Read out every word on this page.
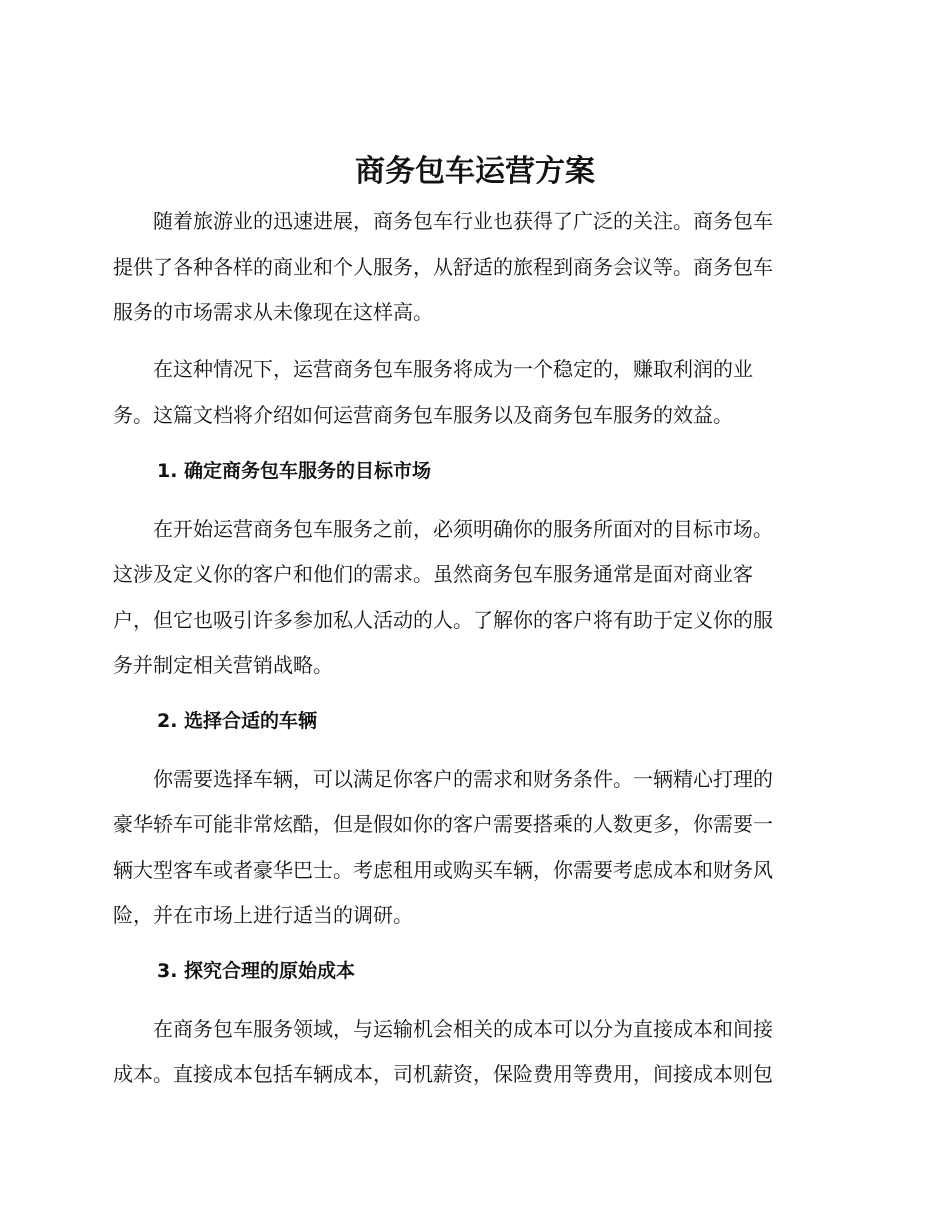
商务包车运营方案

　　随着旅游业的迅速进展，商务包车行业也获得了广泛的关注。商务包车

提供了各种各样的商业和个人服务，从舒适的旅程到商务会议等。商务包车

服务的市场需求从未像现在这样高。

　　在这种情况下，运营商务包车服务将成为一个稳定的，赚取利润的业

务。这篇文档将介绍如何运营商务包车服务以及商务包车服务的效益。

1. 确定商务包车服务的目标市场

　　在开始运营商务包车服务之前，必须明确你的服务所面对的目标市场。

这涉及定义你的客户和他们的需求。虽然商务包车服务通常是面对商业客

户，但它也吸引许多参加私人活动的人。了解你的客户将有助于定义你的服

务并制定相关营销战略。

2. 选择合适的车辆

　　你需要选择车辆，可以满足你客户的需求和财务条件。一辆精心打理的

豪华轿车可能非常炫酷，但是假如你的客户需要搭乘的人数更多，你需要一

辆大型客车或者豪华巴士。考虑租用或购买车辆，你需要考虑成本和财务风

险，并在市场上进行适当的调研。

3. 探究合理的原始成本

　　在商务包车服务领域，与运输机会相关的成本可以分为直接成本和间接

成本。直接成本包括车辆成本，司机薪资，保险费用等费用，间接成本则包
